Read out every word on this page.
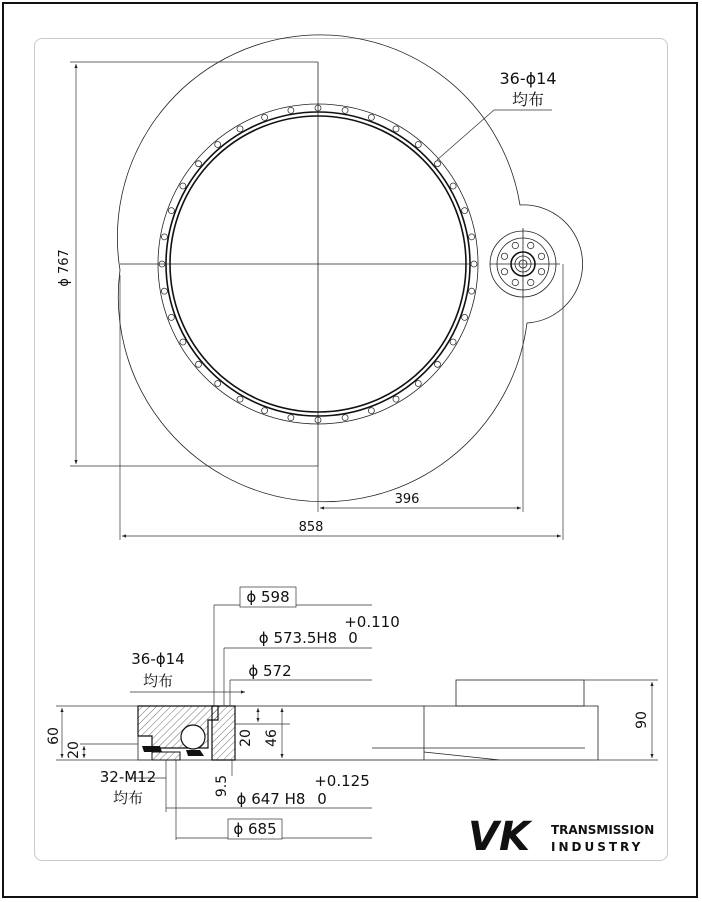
ϕ 767
396
858
36-ϕ14
均布
ϕ 598
ϕ 573.5H8
+0.110
0
ϕ 572
36-ϕ14
均布
60
20
20 46
9.5
ϕ 647 H8
+0.125
0
ϕ 685
32-M12
均布
90
VK TRANSMISSION
INDUSTRY
